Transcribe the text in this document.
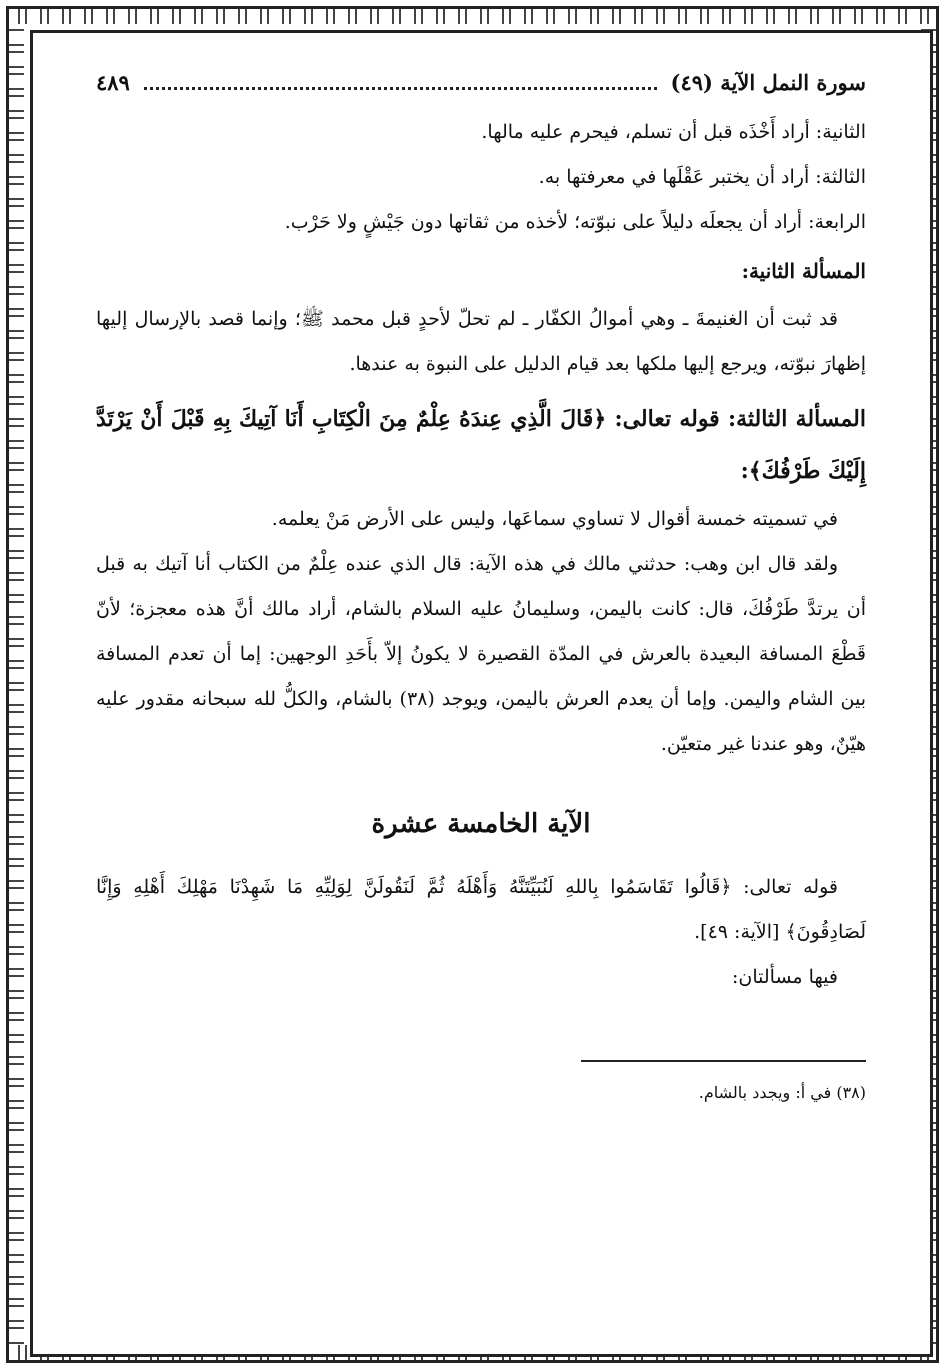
سورة النمل الآية (٤٩)
٤٨٩

الثانية: أراد أَخْذَه قبل أن تسلم، فيحرم عليه مالها.

الثالثة: أراد أن يختبر عَقْلَها في معرفتها به.

الرابعة: أراد أن يجعلَه دليلاً على نبوّته؛ لأخذه من ثقاتها دون جَيْشٍ ولا حَرْب.

المسألة الثانية:

قد ثبت أن الغنيمةَ ـ وهي أموالُ الكفّار ـ لم تحلّ لأحدٍ قبل محمد ﷺ؛ وإنما قصد بالإرسال إليها إظهارَ نبوّته، ويرجع إليها ملكها بعد قيام الدليل على النبوة به عندها.

المسألة الثالثة: قوله تعالى: ﴿قَالَ الَّذِي عِندَهُ عِلْمٌ مِنَ الْكِتَابِ أَنَا آتِيكَ بِهِ قَبْلَ أَنْ يَرْتَدَّ إِلَيْكَ طَرْفُكَ﴾:

في تسميته خمسة أقوال لا تساوي سماعَها، وليس على الأرض مَنْ يعلمه.

ولقد قال ابن وهب: حدثني مالك في هذه الآية: قال الذي عنده عِلْمٌ من الكتاب أنا آتيك به قبل أن يرتدَّ طَرْفُكَ، قال: كانت باليمن، وسليمانُ عليه السلام بالشام، أراد مالك أنَّ هذه معجزة؛ لأنّ قَطْعَ المسافة البعيدة بالعرش في المدّة القصيرة لا يكونُ إلاّ بأَحَدِ الوجهين: إما أن تعدم المسافة بين الشام واليمن. وإما أن يعدم العرش باليمن، ويوجد (٣٨) بالشام، والكلُّ لله سبحانه مقدور عليه هيّنٌ، وهو عندنا غير متعيّن.

الآية الخامسة عشرة

قوله تعالى: ﴿قَالُوا تَقَاسَمُوا بِاللهِ لَنُبَيِّتَنَّهُ وَأَهْلَهُ ثُمَّ لَنَقُولَنَّ لِوَلِيِّهِ مَا شَهِدْنَا مَهْلِكَ أَهْلِهِ وَإِنَّا لَصَادِقُونَ﴾ [الآية: ٤٩].

فيها مسألتان:

(٣٨) في أ: ويجدد بالشام.
